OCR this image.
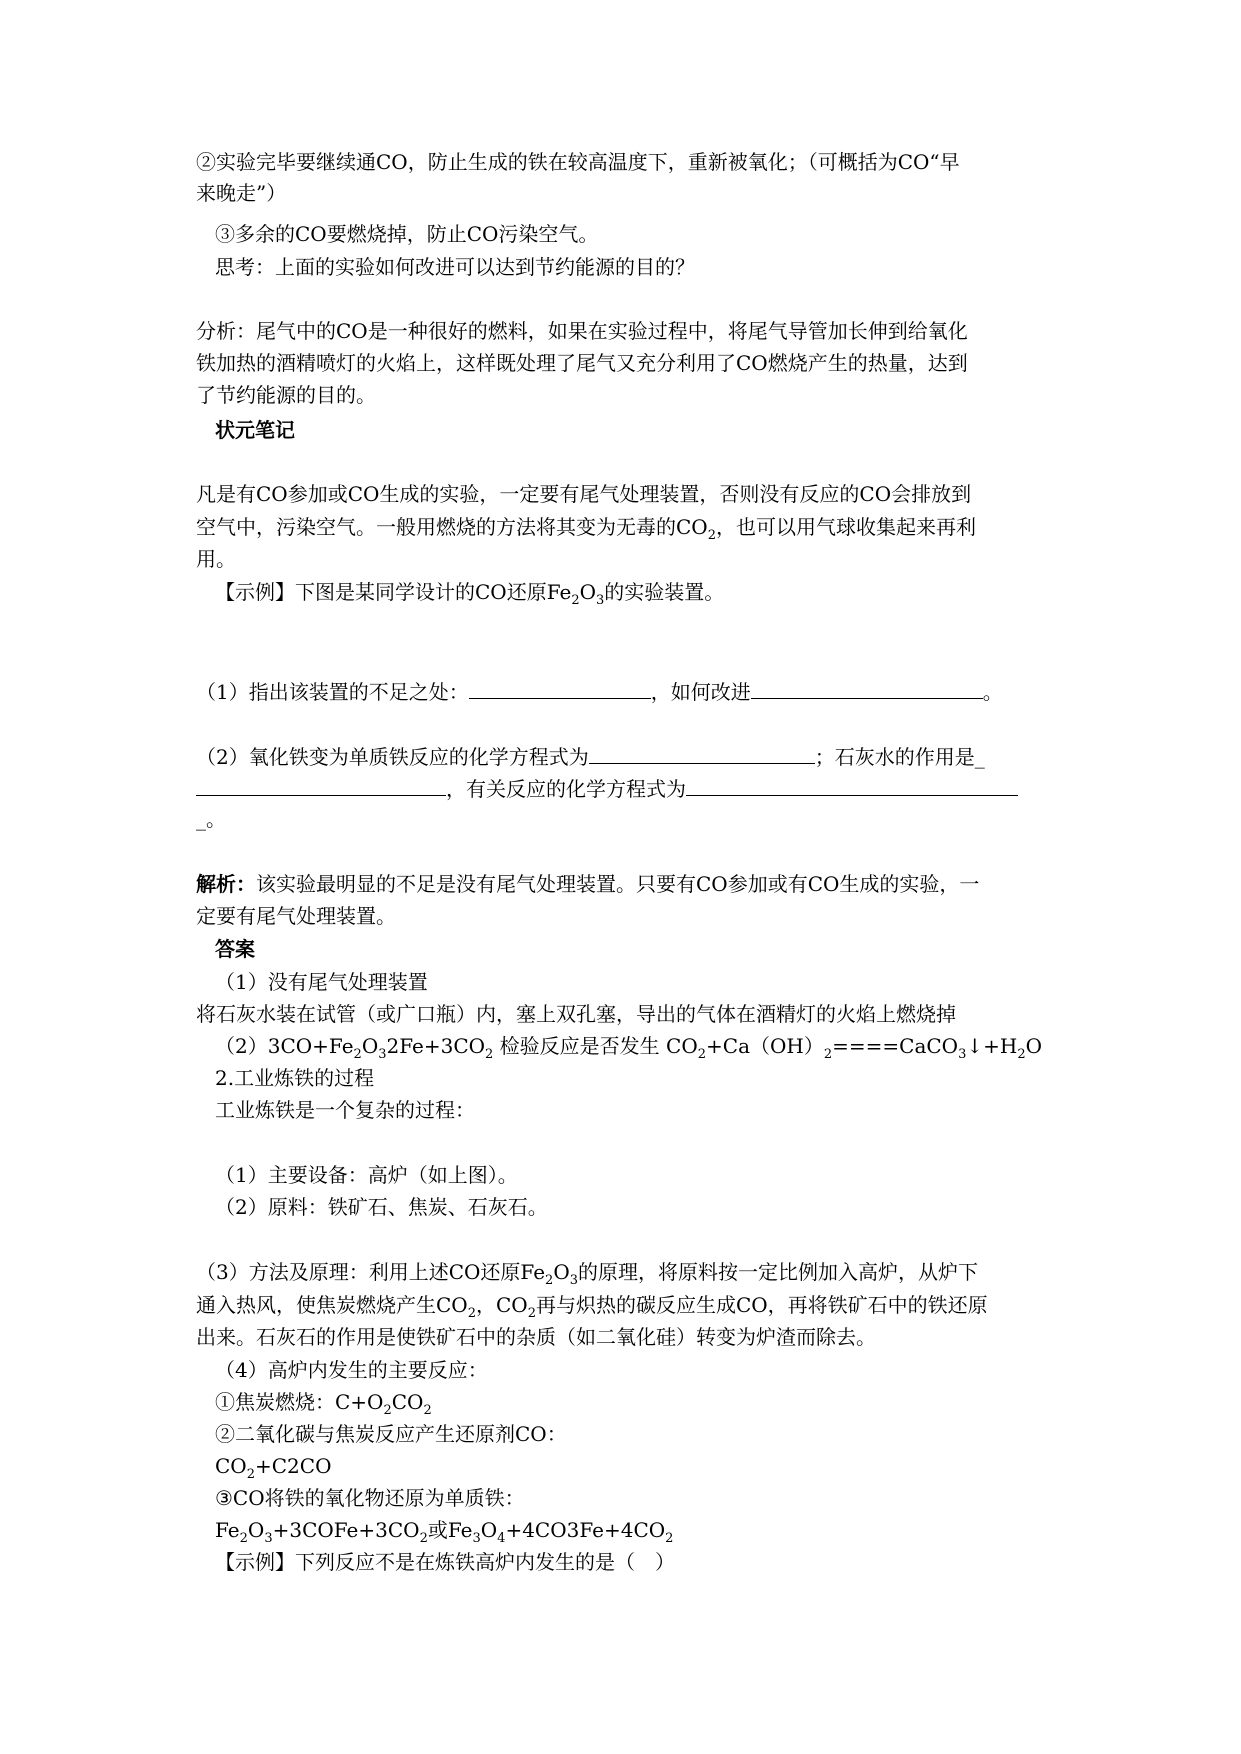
②实验完毕要继续通CO，防止生成的铁在较高温度下，重新被氧化；（可概括为CO“早
来晚走”）
③多余的CO要燃烧掉，防止CO污染空气。
思考：上面的实验如何改进可以达到节约能源的目的？
分析：尾气中的CO是一种很好的燃料，如果在实验过程中，将尾气导管加长伸到给氧化
铁加热的酒精喷灯的火焰上，这样既处理了尾气又充分利用了CO燃烧产生的热量，达到
了节约能源的目的。
状元笔记
凡是有CO参加或CO生成的实验，一定要有尾气处理装置，否则没有反应的CO会排放到
空气中，污染空气。一般用燃烧的方法将其变为无毒的$CO_2$，也可以用气球收集起来再利
用。
【示例】下图是某同学设计的CO还原$Fe_2O_3$的实验装置。
（1）指出该装置的不足之处：	，如何改进	。
（2）氧化铁变为单质铁反应的化学方程式为	；石灰水的作用是_
，有关反应的化学方程式为
_。
解析：该实验最明显的不足是没有尾气处理装置。只要有CO参加或有CO生成的实验，一
定要有尾气处理装置。
答案
（1）没有尾气处理装置
将石灰水装在试管（或广口瓶）内，塞上双孔塞，导出的气体在酒精灯的火焰上燃烧掉
$(2)3CO+Fe_2O_32Fe+3CO_2$ 检验反应是否发生 $CO_2+Ca(OH)_2====CaCO_3↓+H_2O$
2.工业炼铁的过程
工业炼铁是一个复杂的过程：
（1）主要设备：高炉（如上图）。
（2）原料：铁矿石、焦炭、石灰石。
（3）方法及原理：利用上述CO还原$Fe_2O_3$的原理，将原料按一定比例加入高炉，从炉下
通入热风，使焦炭燃烧产生$CO_2$，$CO_2$再与炽热的碳反应生成CO，再将铁矿石中的铁还原
出来。石灰石的作用是使铁矿石中的杂质（如二氧化硅）转变为炉渣而除去。
（4）高炉内发生的主要反应：
①焦炭燃烧：$C+O_2CO_2$
②二氧化碳与焦炭反应产生还原剂CO：
$CO_2+C2CO$
③CO将铁的氧化物还原为单质铁：
$Fe_2O_3+3COFe+3CO_2$或$Fe_3O_4+4CO3Fe+4CO_2$
【示例】下列反应不是在炼铁高炉内发生的是（　）
